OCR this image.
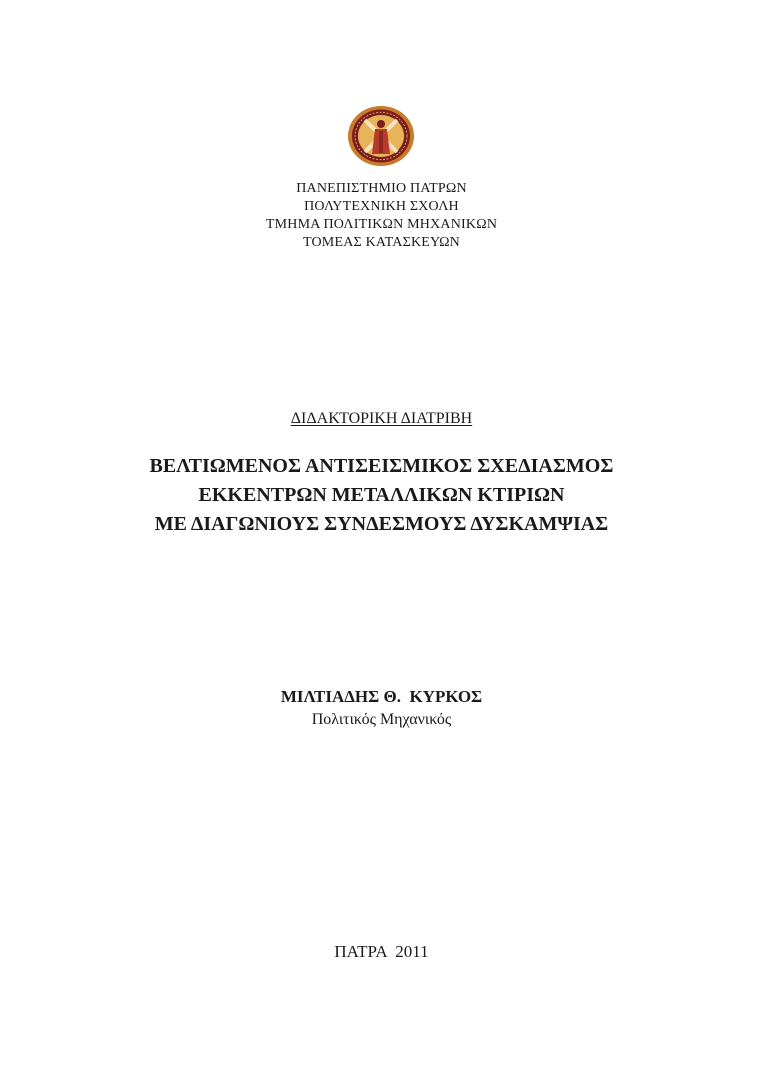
ΠΑΝΕΠΙΣΤΗΜΙΟ ΠΑΤΡΩΝ
ΠΟΛΥΤΕΧΝΙΚΗ ΣΧΟΛΗ
ΤΜΗΜΑ ΠΟΛΙΤΙΚΩΝ ΜΗΧΑΝΙΚΩΝ
ΤΟΜΕΑΣ ΚΑΤΑΣΚΕΥΩΝ
ΔΙΔΑΚΤΟΡΙΚΗ ΔΙΑΤΡΙΒΗ
ΒΕΛΤΙΩΜΕΝΟΣ ΑΝΤΙΣΕΙΣΜΙΚΟΣ ΣΧΕΔΙΑΣΜΟΣ
ΕΚΚΕΝΤΡΩΝ ΜΕΤΑΛΛΙΚΩΝ ΚΤΙΡΙΩΝ
ΜΕ ΔΙΑΓΩΝΙΟΥΣ ΣΥΝΔΕΣΜΟΥΣ ΔΥΣΚΑΜΨΙΑΣ
ΜΙΛΤΙΑΔΗΣ Θ.  ΚΥΡΚΟΣ
Πολιτικός Μηχανικός
ΠΑΤΡΑ  2011
